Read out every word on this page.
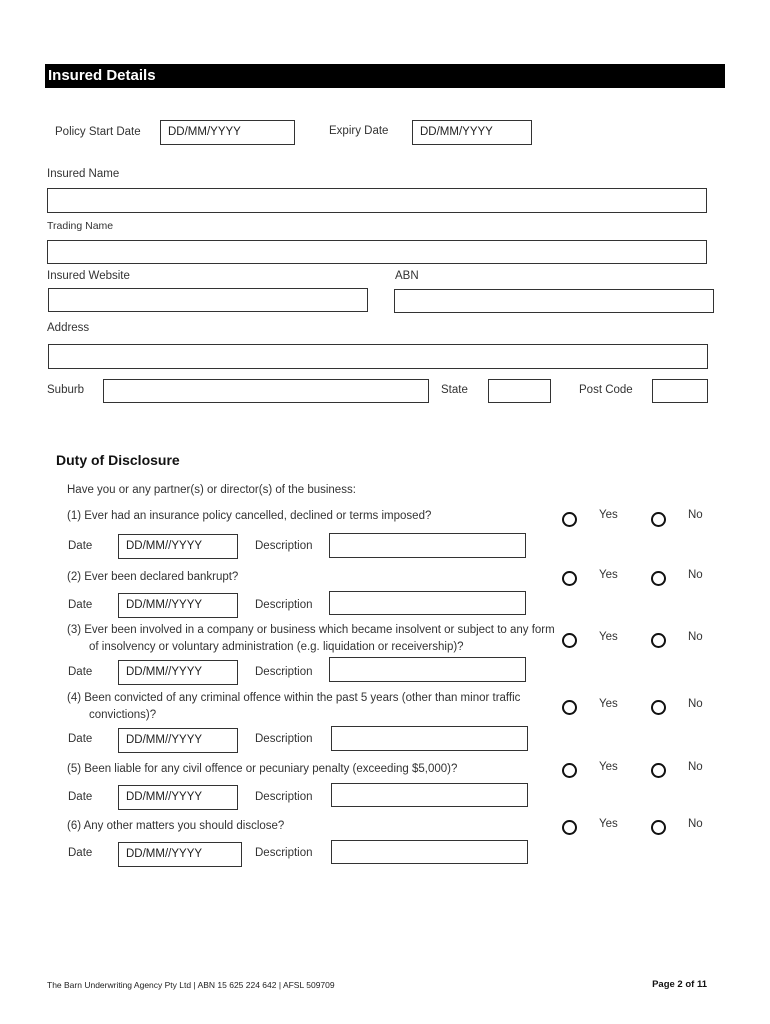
Insured Details
Policy Start Date	DD/MM/YYYY	Expiry Date	DD/MM/YYYY
Insured Name
Trading Name
Insured Website	ABN
Address
Suburb	State	Post Code
Duty of Disclosure
Have you or any partner(s) or director(s) of the business:
(1) Ever had an insurance policy cancelled, declined or terms imposed?	Yes	No
Date	DD/MM//YYYY	Description
(2) Ever been declared bankrupt?	Yes	No
Date	DD/MM//YYYY	Description
(3) Ever been involved in a company or business which became insolvent or subject to any form
of insolvency or voluntary administration (e.g. liquidation or receivership)?
Yes	No
Date	DD/MM//YYYY	Description
(4) Been convicted of any criminal offence within the past 5 years (other than minor traffic
convictions)?
Yes	No
Date	DD/MM//YYYY	Description
(5) Been liable for any civil offence or pecuniary penalty (exceeding $5,000)?	Yes	No
Date	DD/MM//YYYY	Description
(6) Any other matters you should disclose?	Yes	No
Date	DD/MM//YYYY	Description
The Barn Underwriting Agency Pty Ltd | ABN 15 625 224 642 | AFSL 509709	Page 2 of 11
